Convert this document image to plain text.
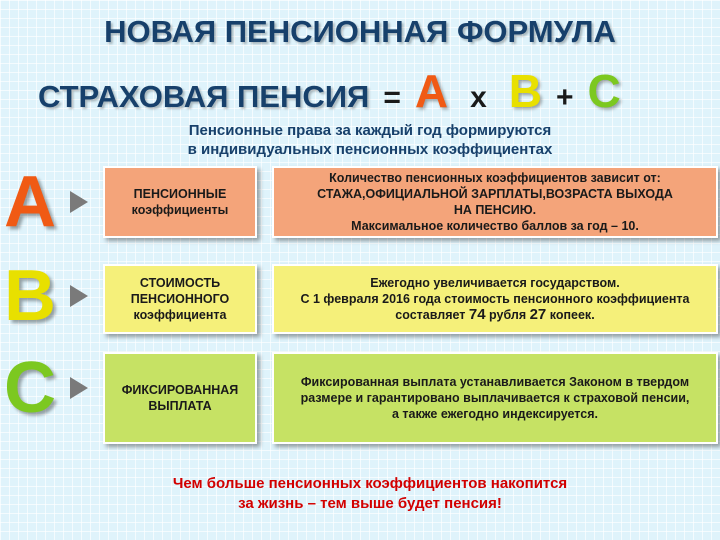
НОВАЯ ПЕНСИОННАЯ ФОРМУЛА
СТРАХОВАЯ ПЕНСИЯ = А х В + С
Пенсионные права за каждый год формируются
в индивидуальных пенсионных коэффициентах
А	ПЕНСИОННЫЕ
коэффициенты
Количество пенсионных коэффициентов зависит от:
СТАЖА,ОФИЦИАЛЬНОЙ ЗАРПЛАТЫ,ВОЗРАСТА ВЫХОДА
НА ПЕНСИЮ.
Максимальное количество баллов за год – 10.
В	СТОИМОСТЬ
ПЕНСИОННОГО
коэффициента
Ежегодно увеличивается государством.
С 1 февраля 2016 года стоимость пенсионного коэффициента
составляет 74 рубля 27 копеек.
С	ФИКСИРОВАННАЯ
ВЫПЛАТА
Фиксированная выплата устанавливается Законом в твердом
размере и гарантировано выплачивается к страховой пенсии,
а также ежегодно индексируется.
Чем больше пенсионных коэффициентов накопится
за жизнь – тем выше будет пенсия!
